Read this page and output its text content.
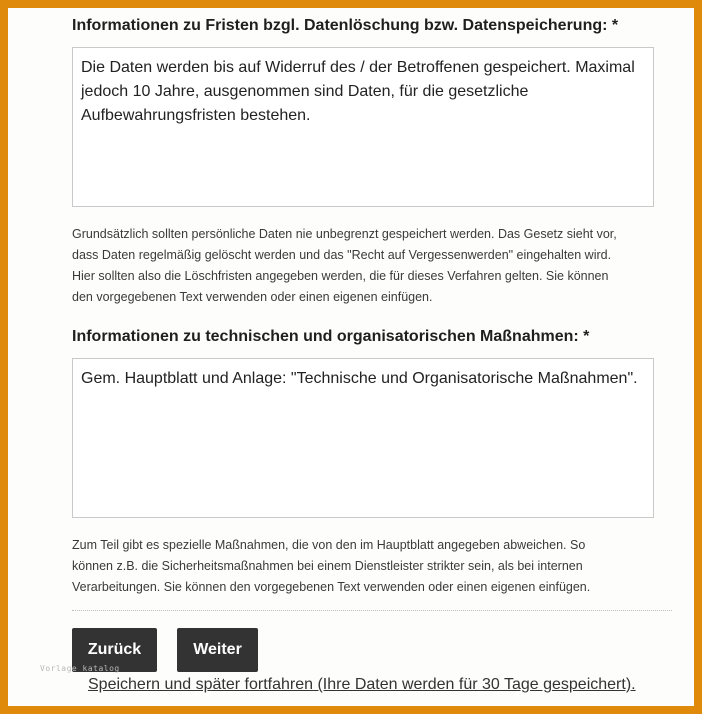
Informationen zu Fristen bzgl. Datenlöschung bzw. Datenspeicherung: *
Die Daten werden bis auf Widerruf des / der Betroffenen gespeichert. Maximal
jedoch 10 Jahre, ausgenommen sind Daten, für die gesetzliche
Aufbewahrungsfristen bestehen.
Grundsätzlich sollten persönliche Daten nie unbegrenzt gespeichert werden. Das Gesetz sieht vor,
dass Daten regelmäßig gelöscht werden und das "Recht auf Vergessenwerden" eingehalten wird.
Hier sollten also die Löschfristen angegeben werden, die für dieses Verfahren gelten. Sie können
den vorgegebenen Text verwenden oder einen eigenen einfügen.
Informationen zu technischen und organisatorischen Maßnahmen: *
Gem. Hauptblatt und Anlage: "Technische und Organisatorische Maßnahmen".
Zum Teil gibt es spezielle Maßnahmen, die von den im Hauptblatt angegeben abweichen. So
können z.B. die Sicherheitsmaßnahmen bei einem Dienstleister strikter sein, als bei internen
Verarbeitungen. Sie können den vorgegebenen Text verwenden oder einen eigenen einfügen.
Zurück	Weiter
Vorlage katalog
Speichern und später fortfahren (Ihre Daten werden für 30 Tage gespeichert).
